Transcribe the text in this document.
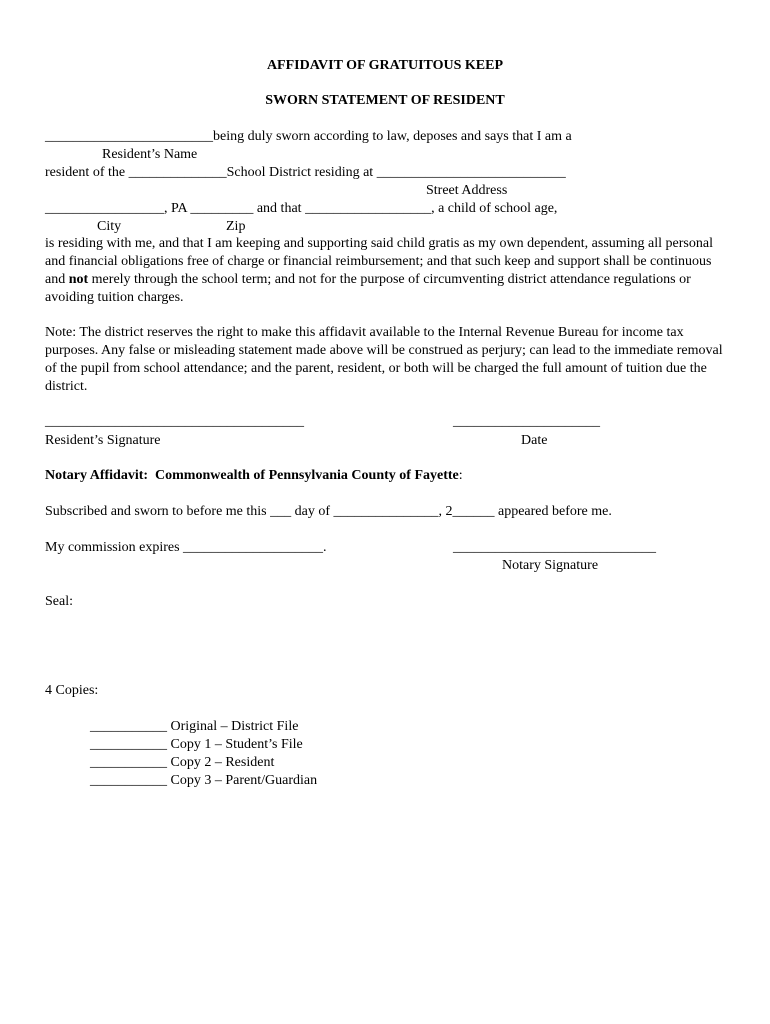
AFFIDAVIT OF GRATUITOUS KEEP
SWORN STATEMENT OF RESIDENT
________________________being duly sworn according to law, deposes and says that I am a
Resident’s Name
resident of the ______________School District residing at ___________________________
Street Address
_________________, PA _________ and that __________________, a child of school age,
City	Zip
is residing with me, and that I am keeping and supporting said child gratis as my own dependent, assuming all personal and financial obligations free of charge or financial reimbursement; and that such keep and support shall be continuous and not merely through the school term; and not for the purpose of circumventing district attendance regulations or avoiding tuition charges.
Note: The district reserves the right to make this affidavit available to the Internal Revenue Bureau for income tax purposes. Any false or misleading statement made above will be construed as perjury; can lead to the immediate removal of the pupil from school attendance; and the parent, resident, or both will be charged the full amount of tuition due the district.
_____________________________________	_____________________
Resident’s Signature	Date
Notary Affidavit:  Commonwealth of Pennsylvania County of Fayette:
Subscribed and sworn to before me this ___ day of _______________, 2______ appeared before me.
My commission expires ____________________.	_____________________________
Notary Signature
Seal:
4 Copies:
___________ Original – District File
___________ Copy 1 – Student’s File
___________ Copy 2 – Resident
___________ Copy 3 – Parent/Guardian
